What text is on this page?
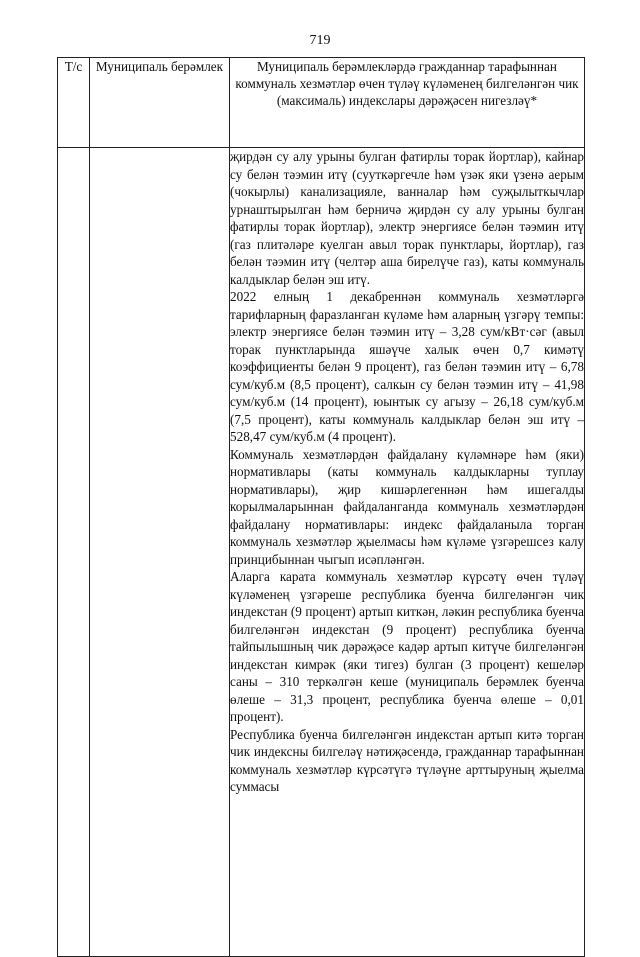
719
Т/с	Муниципаль берәмлек	Муниципаль берәмлекләрдә гражданнар тарафыннан коммуналь хезмәтләр өчен түләү күләменең билгеләнгән чик (максималь) индекслары дәрәҗәсен нигезләү*

		җирдән су алу урыны булган фатирлы торак йортлар), кайнар су белән тәэмин итү (сууткәргечле һәм үзәк яки үзенә аерым (чокырлы) канализацияле, ванналар һәм суҗылыткычлар урнаштырылган һәм берничә җирдән су алу урыны булган фатирлы торак йортлар), электр энергиясе белән тәэмин итү (газ плитәләре куелган авыл торак пунктлары, йортлар), газ белән тәэмин итү (челтәр аша бирелүче газ), каты коммуналь калдыклар белән эш итү.

2022 елның 1 декабреннән коммуналь хезмәтләргә тарифларның фаразланган күләме һәм аларның үзгәрү темпы: электр энергиясе белән тәэмин итү – 3,28 сум/кВт·сәг (авыл торак пунктларында яшәүче халык өчен 0,7 кимәтү коэффициенты белән 9 процент), газ белән тәэмин итү – 6,78 сум/куб.м (8,5 процент), салкын су белән тәэмин итү – 41,98 сум/куб.м (14 процент), юынтык су агызу – 26,18 сум/куб.м (7,5 процент), каты коммуналь калдыклар белән эш итү – 528,47 сум/куб.м (4 процент).

Коммуналь хезмәтләрдән файдалану күләмнәре һәм (яки) нормативлары (каты коммуналь калдыкларны туплау нормативлары), җир кишәрлегеннән һәм ишегалды корылмаларыннан файдаланганда коммуналь хезмәтләрдән файдалану нормативлары: индекс файдаланыла торган коммуналь хезмәтләр җыелмасы һәм күләме үзгәрешсез калу принцибыннан чыгып исәпләнгән.

Аларга карата коммуналь хезмәтләр күрсәтү өчен түләү күләменең үзгәреше республика буенча билгеләнгән чик индекстан (9 процент) артып киткән, ләкин республика буенча билгеләнгән индекстан (9 процент) республика буенча тайпылышның чик дәрәҗәсе кадәр артып китүче билгеләнгән индекстан кимрәк (яки тигез) булган (3 процент) кешеләр саны – 310 теркәлгән кеше (муниципаль берәмлек буенча өлеше – 31,3 процент, республика буенча өлеше – 0,01 процент).

Республика буенча билгеләнгән индекстан артып китә торган чик индексны билгеләү нәтиҗәсендә, гражданнар тарафыннан коммуналь хезмәтләр күрсәтүгә түләүне арттыруның җыелма суммасы
